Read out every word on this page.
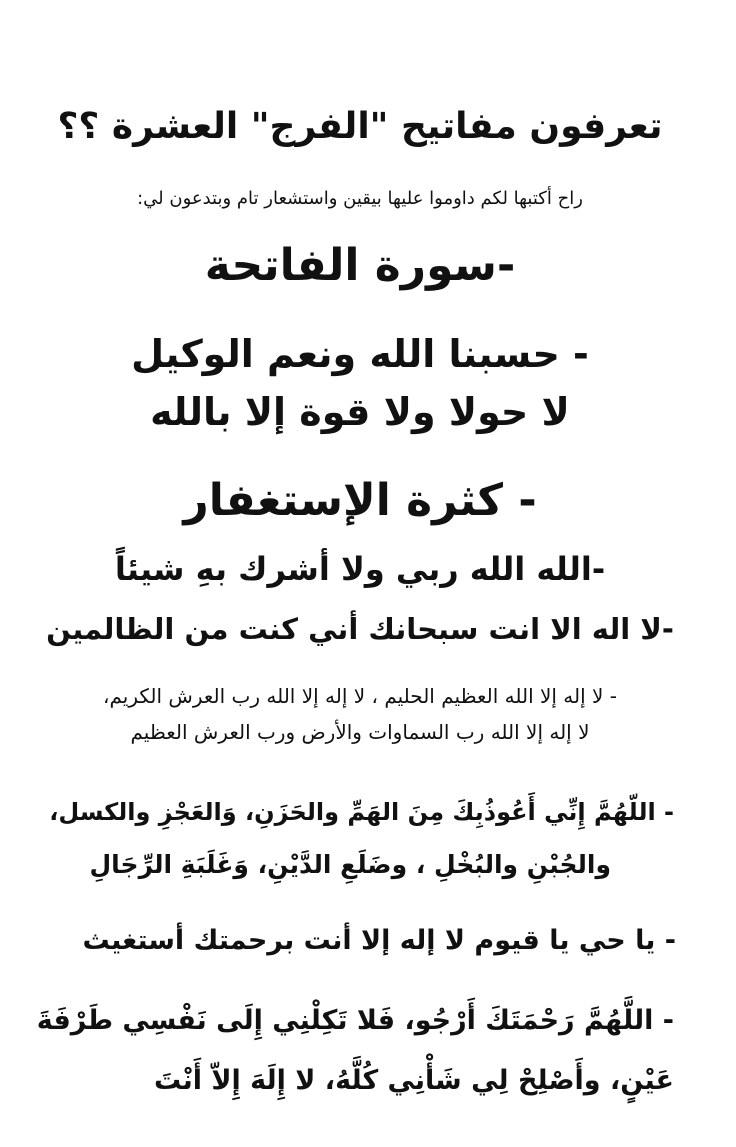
تعرفون مفاتيح "الفرج" العشرة ؟؟
راح أكتبها لكم داوموا عليها بيقين واستشعار تام وبتدعون لي:
-سورة الفاتحة
- حسبنا الله ونعم الوكيل
لا حولا ولا قوة إلا بالله
- كثرة الإستغفار
-الله الله ربي ولا أشرك بهِ شيئاً
-لا اله الا انت سبحانك أني كنت من الظالمين
- لا إله إلا الله العظيم الحليم ، لا إله إلا الله رب العرش الكريم،
لا إله إلا الله رب السماوات والأرض ورب العرش العظيم
- اللّهُمَّ إِنِّي أَعُوذُبِكَ مِنَ الهَمِّ والحَزَنِ، وَالعَجْزِ والكسل،
والجُبْنِ والبُخْلِ ، وضَلَعِ الدَّيْنِ، وَغَلَبَةِ الرِّجَالِ
- يا حي يا قيوم لا إله إلا أنت برحمتك أستغيث
- اللَّهُمَّ رَحْمَتَكَ أَرْجُو، فَلا تَكِلْنِي إِلَى نَفْسِي طَرْفَةَ
عَيْنٍ، وأَصْلِحْ لِي شَأْنِي كُلَّهُ، لا إِلَهَ إِلاّ أَنْتَ
